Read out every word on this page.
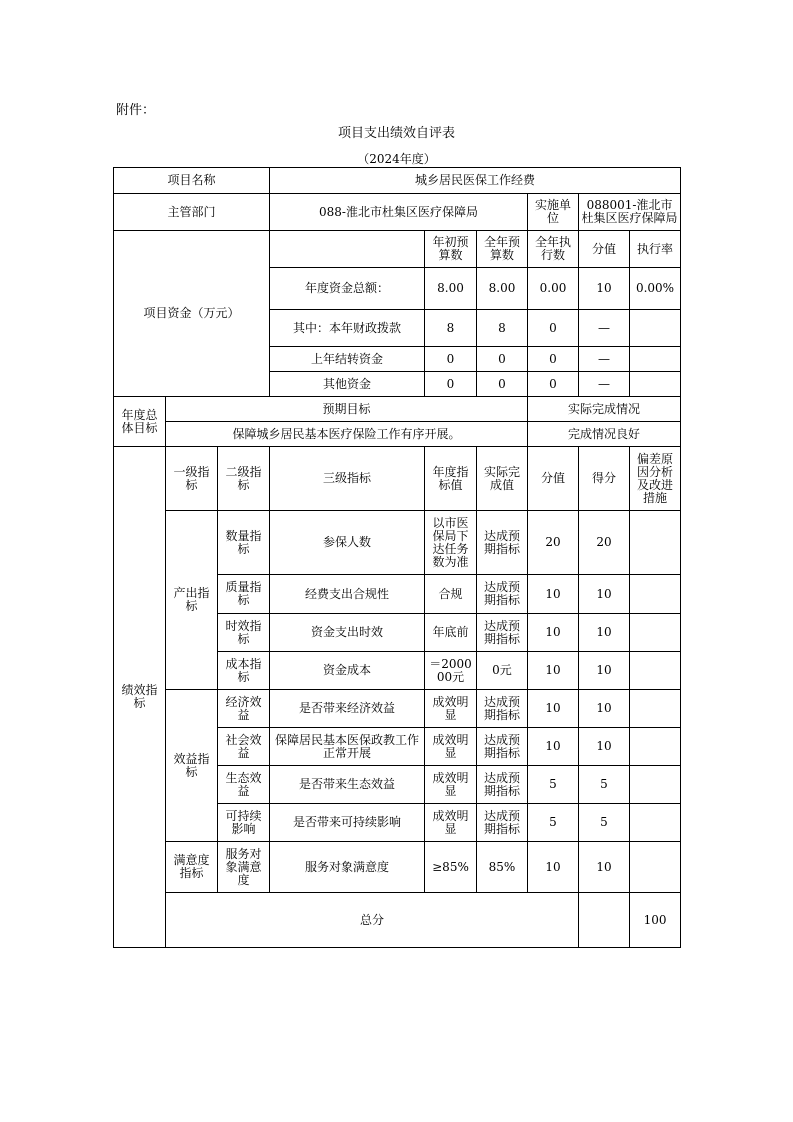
附件：
项目支出绩效自评表
（2024年度）
项目名称			城乡居民医保工作经费						
主管部门			088-淮北市杜集区医疗保障局			实施单位	088001-淮北市杜集区医疗保障局		
项目资金（万元）				年初预算数	全年预算数	全年执行数	分值	执行率	
			年度资金总额：	8.00	8.00	0.00	10	0.00%	
			其中：本年财政拨款	8	8	0	—		
			上年结转资金	0	0	0	—		
			其他资金	0	0	0	—		
年度总体目标	预期目标					实际完成情况			
	保障城乡居民基本医疗保险工作有序开展。					完成情况良好			
绩效指标	一级指标	二级指标	三级指标	年度指标值	实际完成值	分值	得分	偏差原因分析及改进措施	
	产出指标	数量指标	参保人数	以市医保局下达任务数为准	达成预期指标	20	20		
		质量指标	经费支出合规性	合规	达成预期指标	10	10		
		时效指标	资金支出时效	年底前	达成预期指标	10	10		
		成本指标	资金成本	＝200000元	0元	10	10		
	效益指标	经济效益	是否带来经济效益	成效明显	达成预期指标	10	10		
		社会效益	保障居民基本医保政教工作正常开展	成效明显	达成预期指标	10	10		
		生态效益	是否带来生态效益	成效明显	达成预期指标	5	5		
		可持续影响	是否带来可持续影响	成效明显	达成预期指标	5	5		
	满意度指标	服务对象满意度	服务对象满意度	≥85%	85%	10	10		
	总分							100		
